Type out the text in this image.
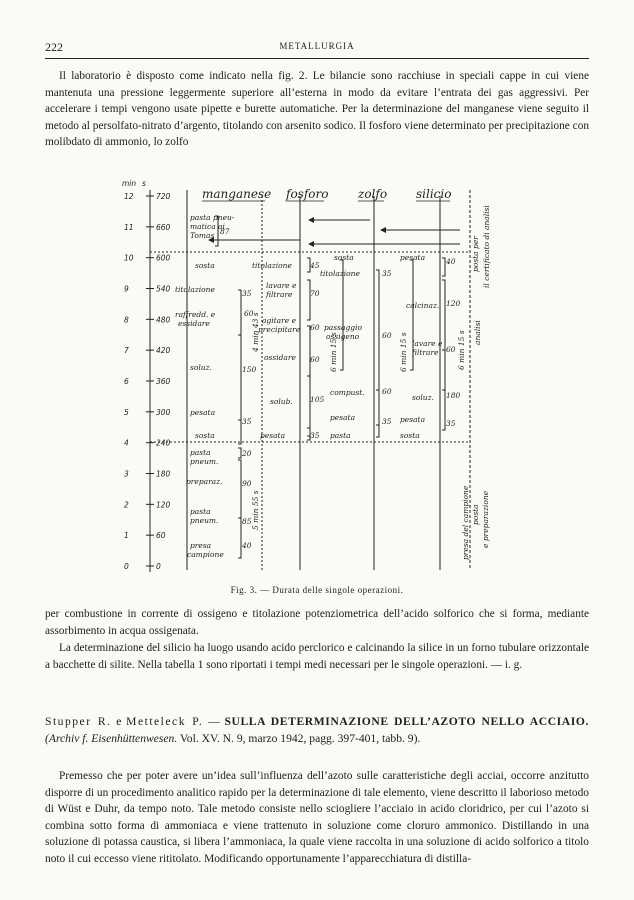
222	METALLURGIA

Il laboratorio è disposto come indicato nella fig. 2. Le bilancie sono racchiuse in speciali cappe in cui viene mantenuta una pressione leggermente superiore all’esterna in modo da evitare l’entrata dei gas aggressivi. Per accelerare i tempi vengono usate pipette e burette automatiche. Per la determinazione del manganese viene seguito il metodo al persolfato-nitrato d’argento, titolando con arsenito sodico. Il fosforo viene determinato per precipitazione con molibdato di ammonio, lo zolfo

12	720
11	660
10	600
9	540
8	480
7	420
6	360
5	300
4	240
3	180
2	120
1	60
0	0
min s
manganese fosforo zolfo silicio
pasta pneu-
matica ai
Tomas 87
sosta
titolazione	35
raffredd. e
essidare
soluz.	150
pesata
35
sosta
pasta
pneum.
20
preparaz.	90
pasta
pneum.	85
presa
campione
40
4 min 43 s
5 min 55 s
titolazione 45
lavare e
filtrare 70
agitare e
precipitare 60
ossidare 60
solub. 105
pesata	35
60
6 min 15 s
sosta
titolazione	35
passaggio
ossigeno	60
compust. 60
pesata	35
pasta
6 min 15 s
pesata	40
calcinaz. 120
lavare e
filtrare 60
soluz. 180
pesata	35
sosta
6 min 15 s
posta per il certificato di analisi
analisi
presa del campione posta e preparazione
Fig. 3. — Durata delle singole operazioni.

per combustione in corrente di ossigeno e titolazione potenziometrica dell’acido solforico che si forma, mediante assorbimento in acqua ossigenata.

La determinazione del silicio ha luogo usando acido perclorico e calcinando la silice in un forno tubulare orizzontale a bacchette di silite. Nella tabella 1 sono riportati i tempi medi necessari per le singole operazioni. — i. g.

Stupper R. e Metteleck P. — SULLA DETERMINAZIONE DELL’AZOTO NELLO ACCIAIO. (Archiv f. Eisenhüttenwesen. Vol. XV. N. 9, marzo 1942, pagg. 397-401, tabb. 9).

Premesso che per poter avere un’idea sull’influenza dell’azoto sulle caratteristiche degli acciai, occorre anzitutto disporre di un procedimento analitico rapido per la determinazione di tale elemento, viene descritto il laborioso metodo di Wüst e Duhr, da tempo noto. Tale metodo consiste nello sciogliere l’acciaio in acido cloridrico, per cui l’azoto si combina sotto forma di ammoniaca e viene trattenuto in soluzione come cloruro ammonico. Distillando in una soluzione di potassa caustica, si libera l’ammoniaca, la quale viene raccolta in una soluzione di acido solforico a titolo noto il cui eccesso viene rititolato. Modificando opportunamente l’apparecchiatura di distilla-
